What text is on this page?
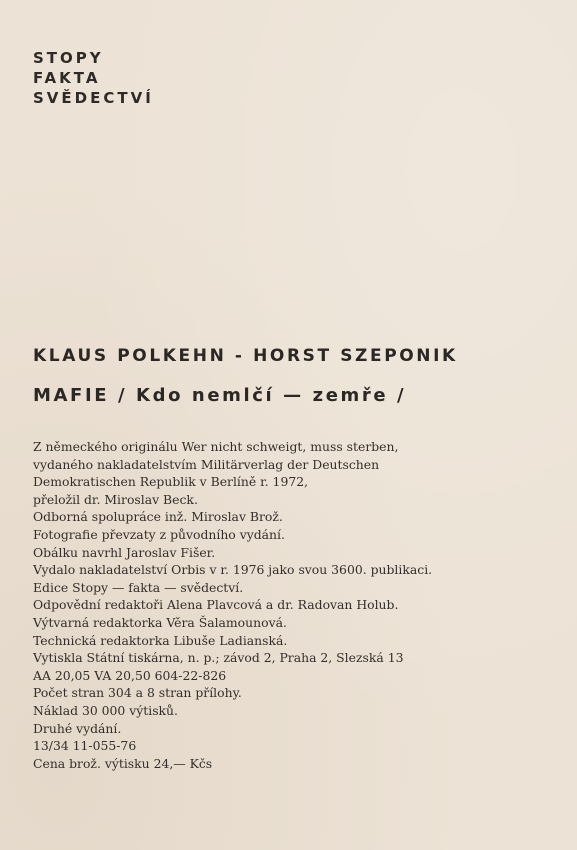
STOPY
FAKTA
SVĚDECTVÍ
KLAUS POLKEHN - HORST SZEPONIK
MAFIE / Kdo nemlčí — zemře /
Z německého originálu Wer nicht schweigt, muss sterben,
vydaného nakladatelstvím Militärverlag der Deutschen
Demokratischen Republik v Berlíně r. 1972,
přeložil dr. Miroslav Beck.
Odborná spolupráce inž. Miroslav Brož.
Fotografie převzaty z původního vydání.
Obálku navrhl Jaroslav Fišer.
Vydalo nakladatelství Orbis v r. 1976 jako svou 3600. publikaci.
Edice Stopy — fakta — svědectví.
Odpovědní redaktoři Alena Plavcová a dr. Radovan Holub.
Výtvarná redaktorka Věra Šalamounová.
Technická redaktorka Libuše Ladianská.
Vytiskla Státní tiskárna, n. p.; závod 2, Praha 2, Slezská 13
AA 20,05 VA 20,50 604-22-826
Počet stran 304 a 8 stran přílohy.
Náklad 30 000 výtisků.
Druhé vydání.
13/34 11-055-76
Cena brož. výtisku 24,— Kčs
